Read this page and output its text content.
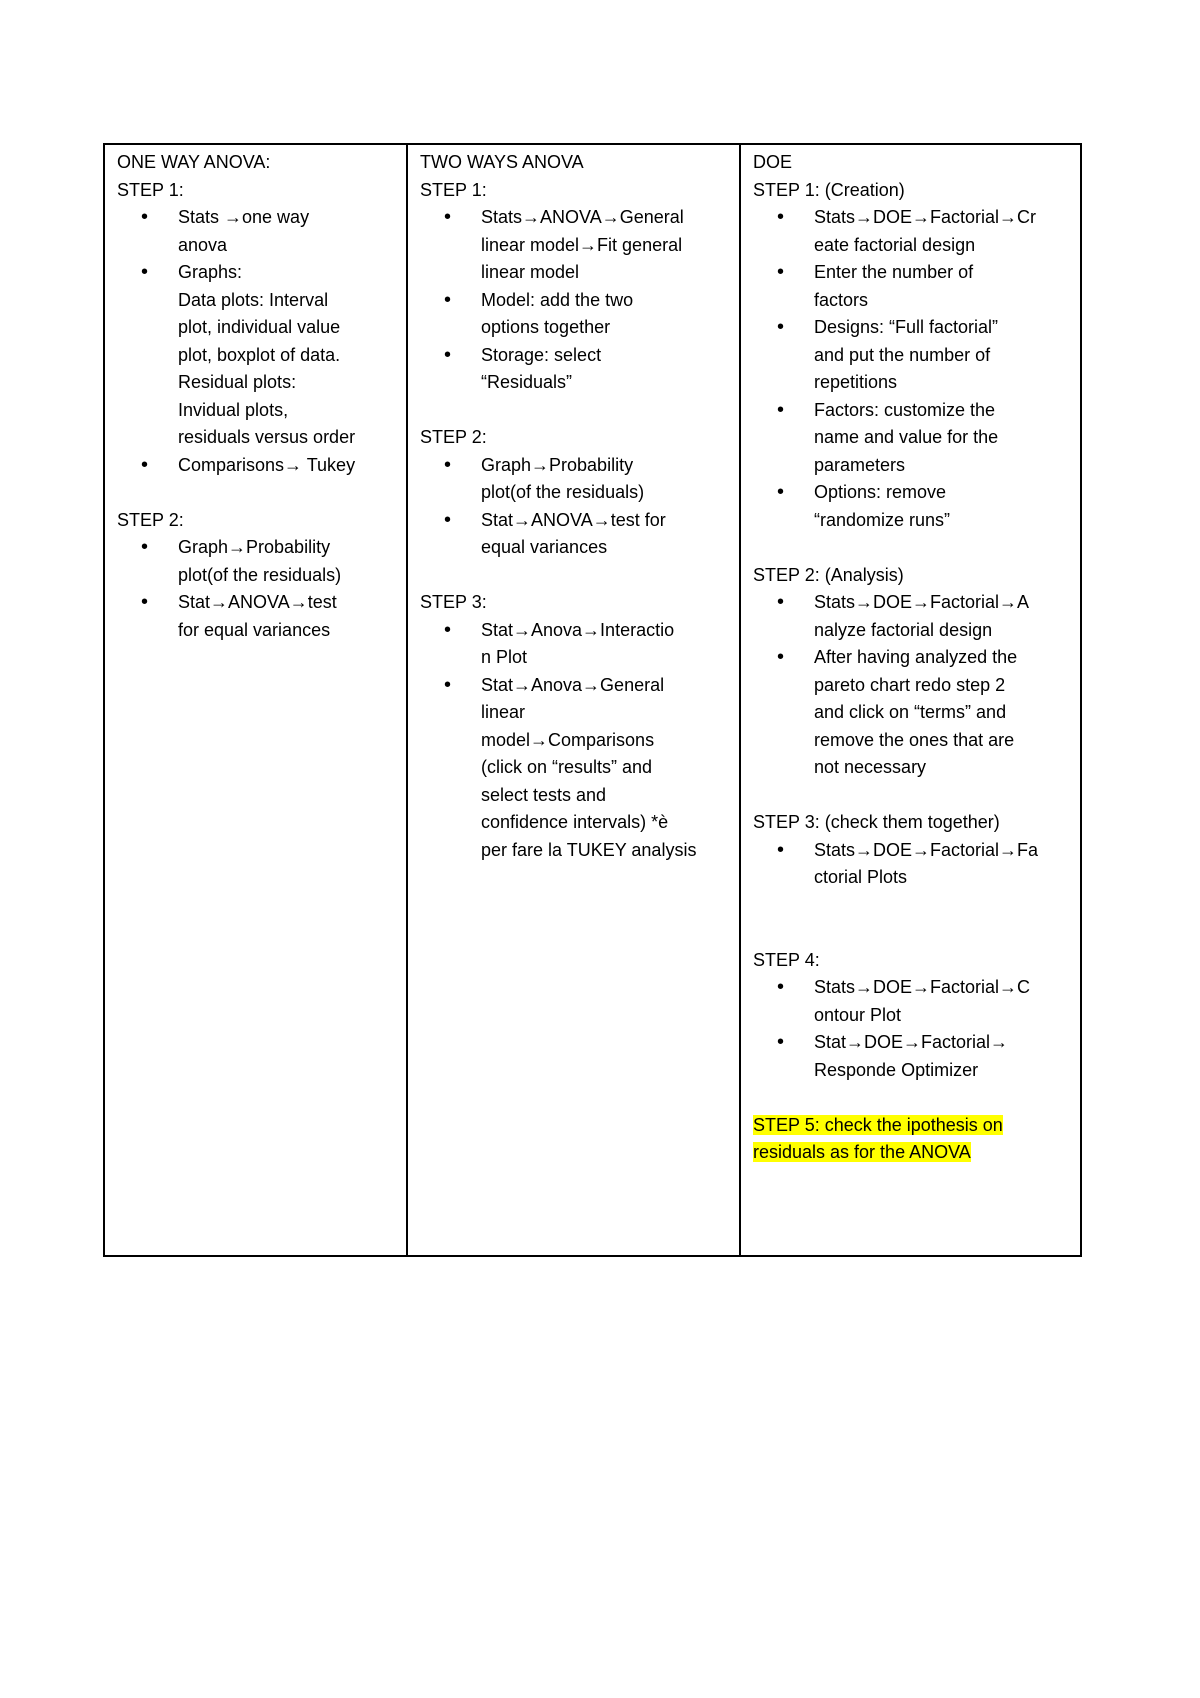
ONE WAY ANOVA:
STEP 1:
• Stats →one way
anova
• Graphs:
Data plots: Interval
plot, individual value
plot, boxplot of data.
Residual plots:
Invidual plots,
residuals versus order
• Comparisons→ Tukey
STEP 2:
• Graph→Probability
plot(of the residuals)
• Stat→ANOVA→test
for equal variances

TWO WAYS ANOVA
STEP 1:
• Stats→ANOVA→General
linear model→Fit general
linear model
• Model: add the two
options together
• Storage: select
“Residuals”
STEP 2:
• Graph→Probability
plot(of the residuals)
• Stat→ANOVA→test for
equal variances
STEP 3:
• Stat→Anova→Interactio
n Plot
• Stat→Anova→General
linear
model→Comparisons
(click on “results” and
select tests and
confidence intervals) *è
per fare la TUKEY analysis

DOE
STEP 1: (Creation)
• Stats→DOE→Factorial→Cr
eate factorial design
• Enter the number of
factors
• Designs: “Full factorial”
and put the number of
repetitions
• Factors: customize the
name and value for the
parameters
• Options: remove
“randomize runs”
STEP 2: (Analysis)
• Stats→DOE→Factorial→A
nalyze factorial design
• After having analyzed the
pareto chart redo step 2
and click on “terms” and
remove the ones that are
not necessary
STEP 3: (check them together)
• Stats→DOE→Factorial→Fa
ctorial Plots
STEP 4:
• Stats→DOE→Factorial→C
ontour Plot
• Stat→DOE→Factorial→
Responde Optimizer
STEP 5: check the ipothesis on
residuals as for the ANOVA
